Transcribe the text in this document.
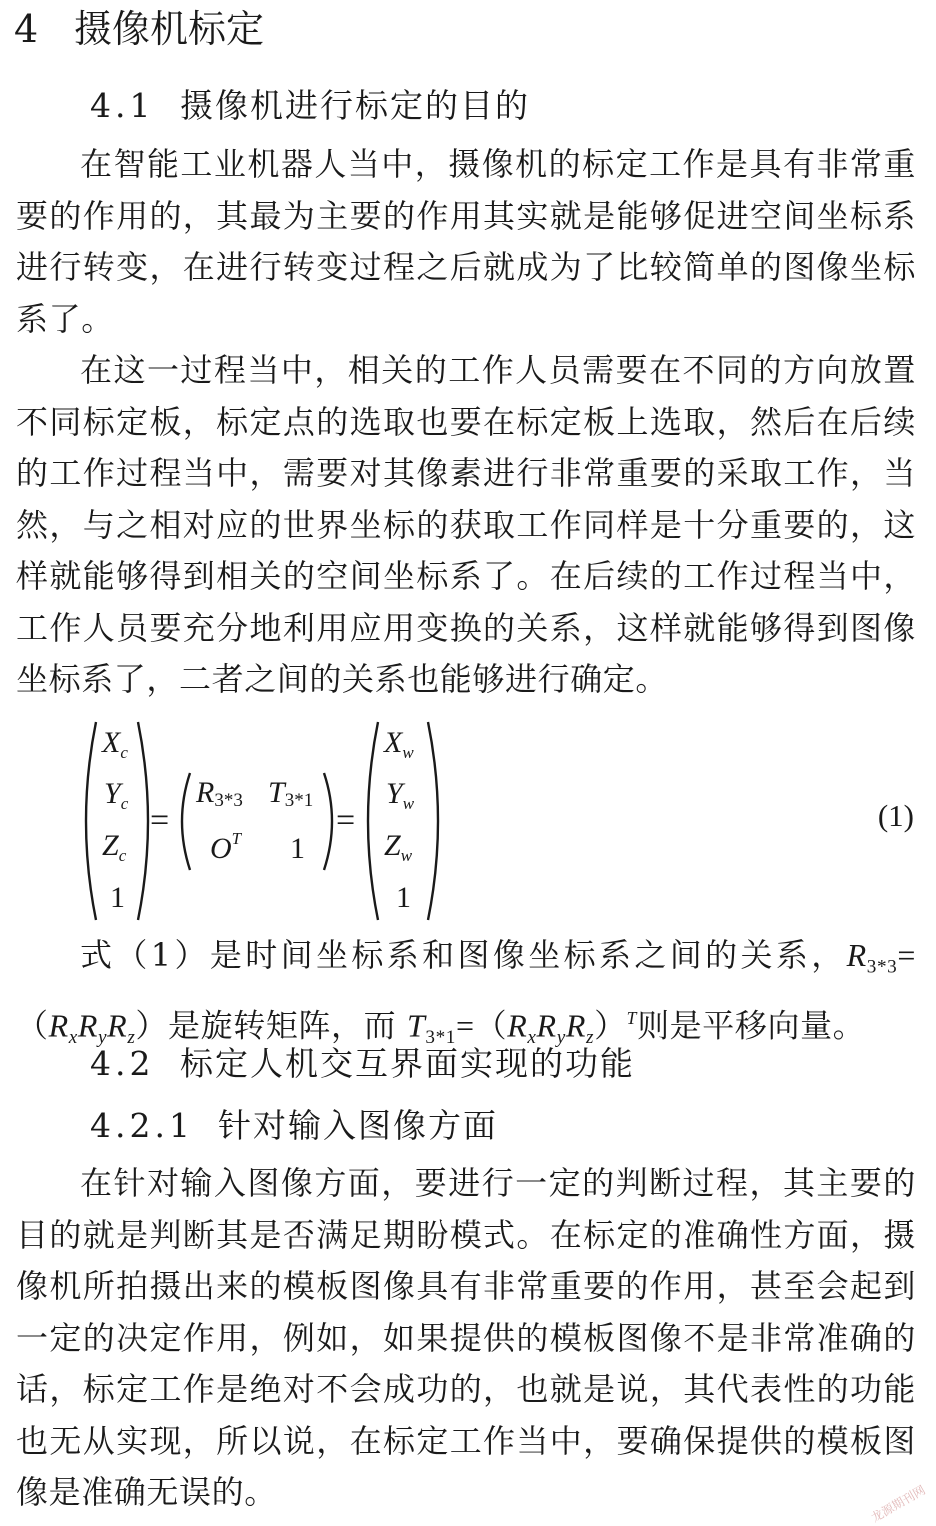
4 摄像机标定
4.1 摄像机进行标定的目的

在智能工业机器人当中，摄像机的标定工作是具有非常重要的作用的，其最为主要的作用其实就是能够促进空间坐标系进行转变，在进行转变过程之后就成为了比较简单的图像坐标系了。

在这一过程当中，相关的工作人员需要在不同的方向放置不同标定板，标定点的选取也要在标定板上选取，然后在后续的工作过程当中，需要对其像素进行非常重要的采取工作，当然，与之相对应的世界坐标的获取工作同样是十分重要的，这样就能够得到相关的空间坐标系了。在后续的工作过程当中，工作人员要充分地利用应用变换的关系，这样就能够得到图像坐标系了，二者之间的关系也能够进行确定。

$X_c$
$Y_c$
$Z_c$
1
=
R3*3 T3*1
$O^T$ 1
=
$X_w$
$Y_w$
$Z_w$
1
(1)

式（1）是时间坐标系和图像坐标系之间的关系，$R_{3*3}=(R_xR_yR_z)$是旋转矩阵，而 $T_{3*1}=(R_xR_yR_z)^T$则是平移向量。

4.2 标定人机交互界面实现的功能
4.2.1 针对输入图像方面

在针对输入图像方面，要进行一定的判断过程，其主要的目的就是判断其是否满足期盼模式。在标定的准确性方面，摄像机所拍摄出来的模板图像具有非常重要的作用，甚至会起到一定的决定作用，例如，如果提供的模板图像不是非常准确的话，标定工作是绝对不会成功的，也就是说，其代表性的功能也无从实现，所以说，在标定工作当中，要确保提供的模板图像是准确无误的。	龙源期刊网
